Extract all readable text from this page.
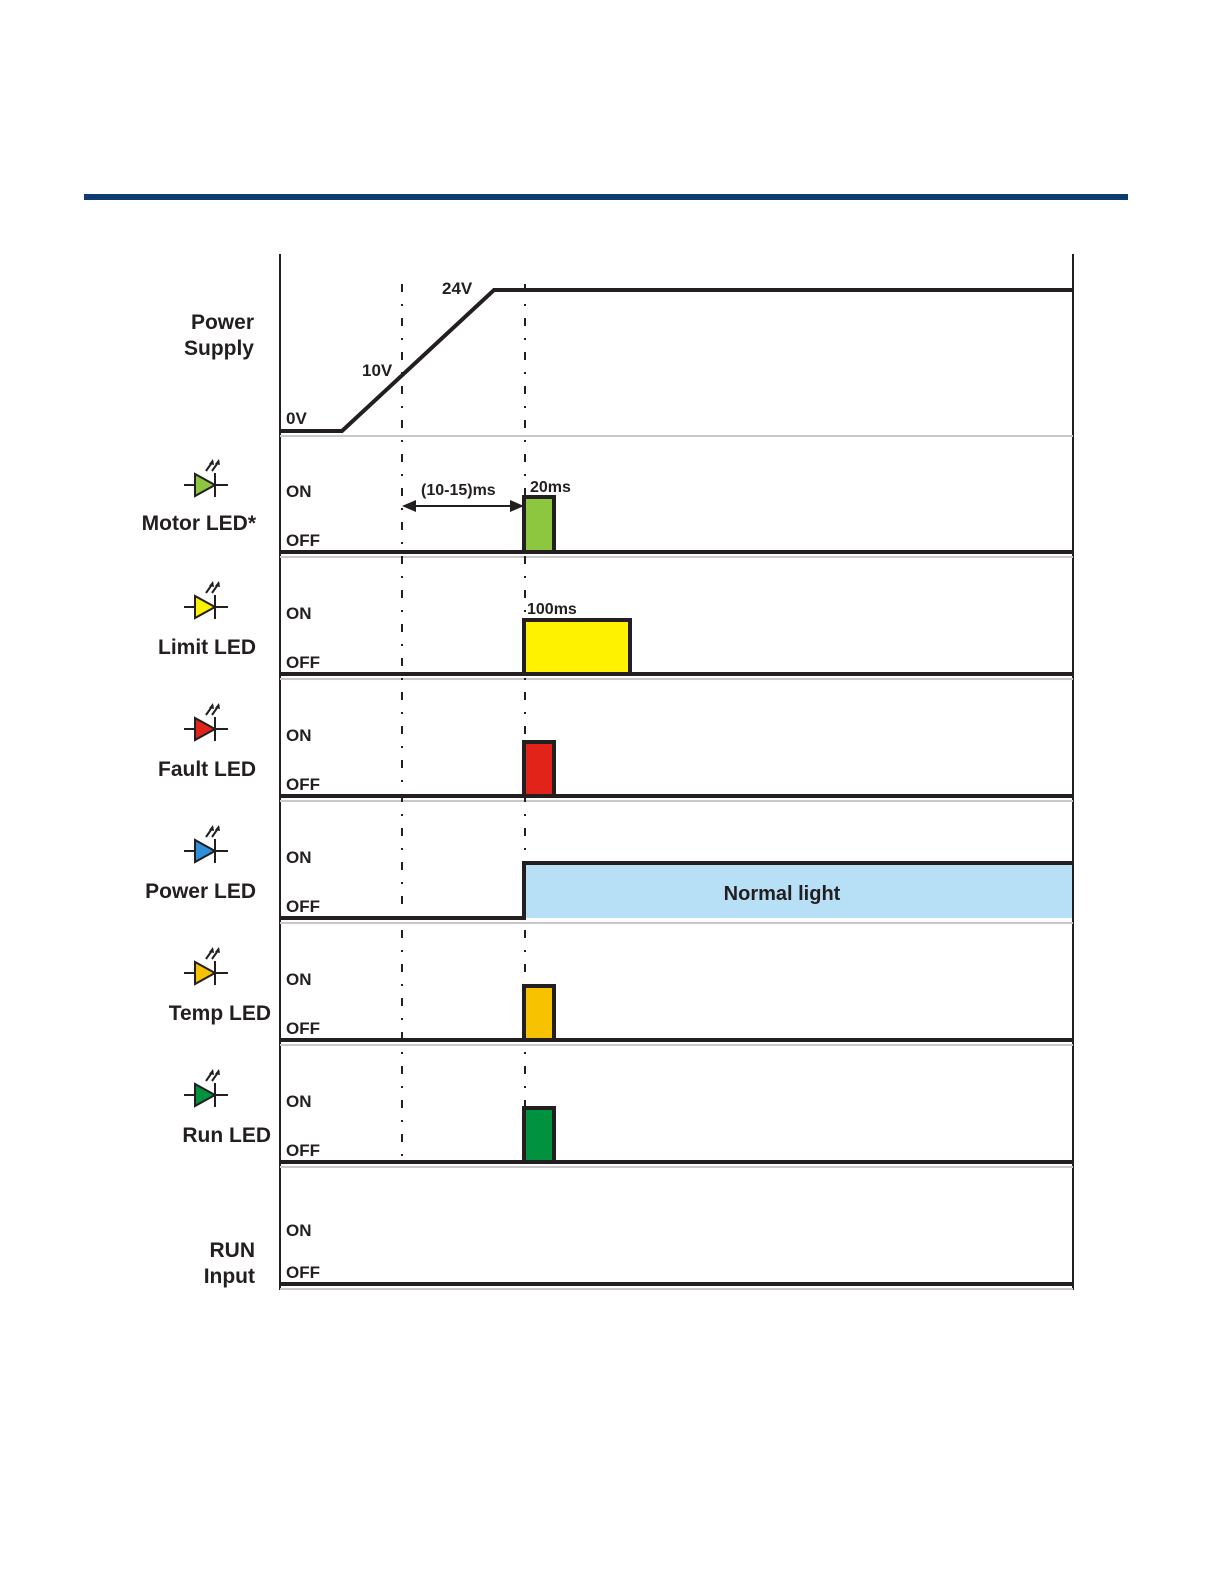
Power
Supply
Motor LED*
Limit LED
Fault LED
Power LED
Temp LED
Run LED
RUN
Input
0V
10V
24V
ON
OFF
20ms
(10-15)ms
ON
OFF
100ms
ON
OFF
ON
OFF
Normal light
ON
OFF
ON
OFF
ON
OFF
